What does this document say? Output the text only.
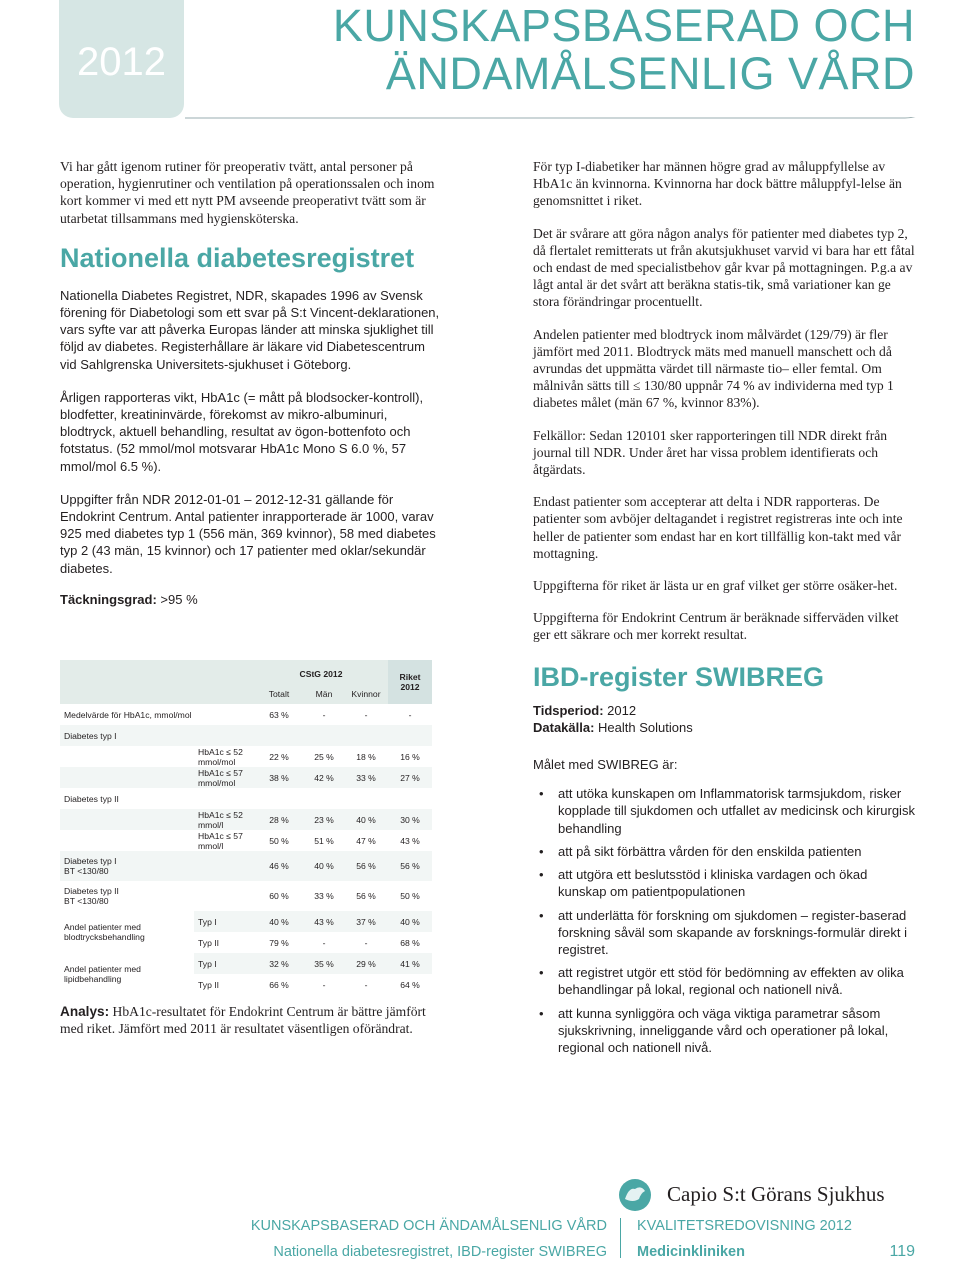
2012
KUNSKAPSBASERAD OCH
ÄNDAMÅLSENLIG VÅRD

Vi har gått igenom rutiner för preoperativ tvätt, antal personer på operation, hygienrutiner och ventilation på operationssalen och inom kort kommer vi med ett nytt PM avseende preoperativt tvätt som är utarbetat tillsammans med hygiensköterska.

Nationella diabetesregistret

Nationella Diabetes Registret, NDR, skapades 1996 av Svensk förening för Diabetologi som ett svar på S:t Vincent-deklarationen, vars syfte var att påverka Europas länder att minska sjuklighet till följd av diabetes. Registerhållare är läkare vid Diabetescentrum vid Sahlgrenska Universitets-sjukhuset i Göteborg.

Årligen rapporteras vikt, HbA1c (= mått på blodsocker-kontroll), blodfetter, kreatininvärde, förekomst av mikro-albuminuri, blodtryck, aktuell behandling, resultat av ögon-bottenfoto och fotstatus. (52 mmol/mol motsvarar HbA1c Mono S 6.0 %, 57 mmol/mol 6.5 %).

Uppgifter från NDR 2012-01-01 – 2012-12-31 gällande för Endokrint Centrum. Antal patienter inrapporterade är 1000, varav 925 med diabetes typ 1 (556 män, 369 kvinnor), 58 med diabetes typ 2 (43 män, 15 kvinnor) och 17 patienter med oklar/sekundär diabetes.

Täckningsgrad: >95 %

		CStG 2012			Riket 2012
		Totalt	Män	Kvinnor	
Medelvärde för HbA1c, mmol/mol		63 %	-	-	-
Diabetes typ I					
	HbA1c ≤ 52 mmol/mol	22 %	25 %	18 %	16 %
	HbA1c ≤ 57 mmol/mol	38 %	42 %	33 %	27 %
Diabetes typ II					
	HbA1c ≤ 52 mmol/l	28 %	23 %	40 %	30 %
	HbA1c ≤ 57 mmol/l	50 %	51 %	47 %	43 %

Diabetes typ I
BT <130/80		46 %	40 %	56 %	56 %

Diabetes typ II
BT <130/80		60 %	33 %	56 %	50 %

Andel patienter med
blodtrycksbehandling	Typ I	40 %	43 %	37 %	40 %
	Typ II	79 %	-	-	68 %

Andel patienter med
lipidbehandling	Typ I	32 %	35 %	29 %	41 %
	Typ II	66 %	-	-	64 %
Analys: HbA1c-resultatet för Endokrint Centrum är bättre jämfört med riket. Jämfört med 2011 är resultatet väsentligen oförändrat.

För typ I-diabetiker har männen högre grad av måluppfyllelse av HbA1c än kvinnorna. Kvinnorna har dock bättre måluppfyl-lelse än genomsnittet i riket.

Det är svårare att göra någon analys för patienter med diabetes typ 2, då flertalet remitterats ut från akutsjukhuset varvid vi bara har ett fåtal och endast de med specialistbehov går kvar på mottagningen. P.g.a av lågt antal är det svårt att beräkna statis-tik, små variationer kan ge stora förändringar procentuellt.

Andelen patienter med blodtryck inom målvärdet (129/79) är fler jämfört med 2011. Blodtryck mäts med manuell manschett och då avrundas det uppmätta värdet till närmaste tio– eller femtal. Om målnivån sätts till ≤ 130/80 uppnår 74 % av individerna med typ 1 diabetes målet (män 67 %, kvinnor 83%).

Felkällor: Sedan 120101 sker rapporteringen till NDR direkt från journal till NDR. Under året har vissa problem identifierats och åtgärdats.

Endast patienter som accepterar att delta i NDR rapporteras. De patienter som avböjer deltagandet i registret registreras inte och inte heller de patienter som endast har en kort tillfällig kon-takt med vår mottagning.

Uppgifterna för riket är lästa ur en graf vilket ger större osäker-het.

Uppgifterna för Endokrint Centrum är beräknade sifferväden vilket ger ett säkrare och mer korrekt resultat.

IBD-register SWIBREG

Tidsperiod: 2012

Datakälla: Health Solutions

Målet med SWIBREG är:

• att utöka kunskapen om Inflammatorisk tarmsjukdom, risker kopplade till sjukdomen och utfallet av medicinsk och kirurgisk behandling
• att på sikt förbättra vården för den enskilda patienten
• att utgöra ett beslutsstöd i kliniska vardagen och ökad kunskap om patientpopulationen
• att underlätta för forskning om sjukdomen – register-baserad forskning såväl som skapande av forsknings-formulär direkt i registret.
• att registret utgör ett stöd för bedömning av effekten av olika behandlingar på lokal, regional och nationell nivå.
• att kunna synliggöra och väga viktiga parametrar såsom sjukskrivning, inneliggande vård och operationer på lokal, regional och nationell nivå.
Capio S:t Görans Sjukhus
KUNSKAPSBASERAD OCH ÄNDAMÅLSENLIG VÅRD
Nationella diabetesregistret, IBD-register SWIBREG
KVALITETSREDOVISNING 2012
Medicinkliniken	119
